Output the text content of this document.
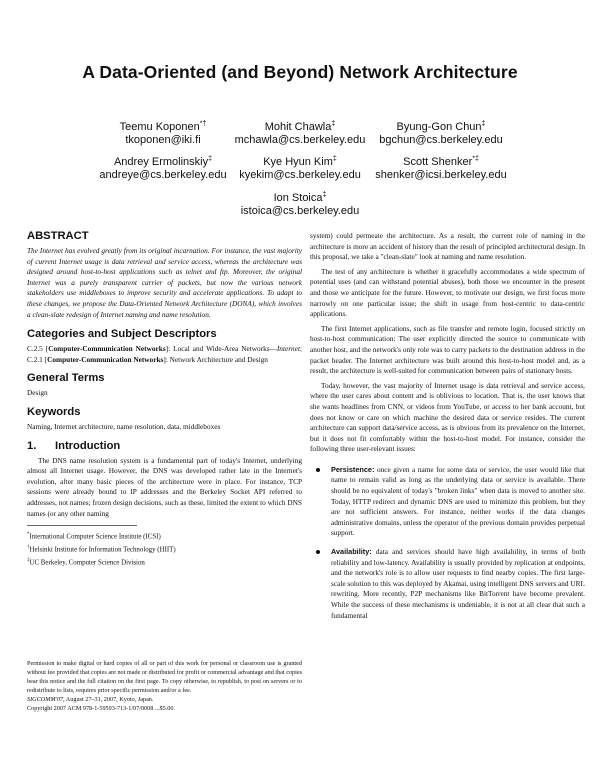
A Data-Oriented (and Beyond) Network Architecture
Teemu Koponen*†
tkoponen@iki.fi
Mohit Chawla‡
mchawla@cs.berkeley.edu
Byung-Gon Chun‡
bgchun@cs.berkeley.edu
Andrey Ermolinskiy‡
andreye@cs.berkeley.edu
Kye Hyun Kim‡
kyekim@cs.berkeley.edu
Scott Shenker*‡
shenker@icsi.berkeley.edu
Ion Stoica‡
istoica@cs.berkeley.edu
ABSTRACT

The Internet has evolved greatly from its original incarnation. For instance, the vast majority of current Internet usage is data retrieval and service access, whereas the architecture was designed around host-to-host applications such as telnet and ftp. Moreover, the original Internet was a purely transparent carrier of packets, but now the various network stakeholders use middleboxes to improve security and accelerate applications. To adapt to these changes, we propose the Data-Oriented Network Architecture (DONA), which involves a clean-slate redesign of Internet naming and name resolution.

Categories and Subject Descriptors

C.2.5 [Computer-Communication Networks]: Local and Wide-Area Networks—Internet; C.2.1 [Computer-Communication Networks]: Network Architecture and Design

General Terms

Design

Keywords

Naming, Internet architecture, name resolution, data, middleboxes

1.	Introduction

The DNS name resolution system is a fundamental part of today's Internet, underlying almost all Internet usage. However, the DNS was developed rather late in the Internet's evolution, after many basic pieces of the architecture were in place. For instance, TCP sessions were already bound to IP addresses and the Berkeley Socket API referred to addresses, not names; frozen design decisions, such as these, limited the extent to which DNS names (or any other naming

*International Computer Science Institute (ICSI)
†Helsinki Institute for Information Technology (HIIT)
‡UC Berkeley, Computer Science Division

Permission to make digital or hard copies of all or part of this work for personal or classroom use is granted without fee provided that copies are not made or distributed for profit or commercial advantage and that copies bear this notice and the full citation on the first page. To copy otherwise, to republish, to post on servers or to redistribute to lists, requires prior specific permission and/or a fee.

SIGCOMM'07, August 27–31, 2007, Kyoto, Japan.

Copyright 2007 ACM 978-1-59593-713-1/07/0008 ...$5.00.

system) could permeate the architecture. As a result, the current role of naming in the architecture is more an accident of history than the result of principled architectural design. In this proposal, we take a "clean-slate" look at naming and name resolution.

The test of any architecture is whether it gracefully accommodates a wide spectrum of potential uses (and can withstand potential abuses), both those we encounter in the present and those we anticipate for the future. However, to motivate our design, we first focus more narrowly on one particular issue; the shift in usage from host-centric to data-centric applications.

The first Internet applications, such as file transfer and remote login, focused strictly on host-to-host communication: The user explicitly directed the source to communicate with another host, and the network's only role was to carry packets to the destination address in the packet header. The Internet architecture was built around this host-to-host model and, as a result, the architecture is well-suited for communication between pairs of stationary hosts.

Today, however, the vast majority of Internet usage is data retrieval and service access, where the user cares about content and is oblivious to location. That is, the user knows that she wants headlines from CNN, or videos from YouTube, or access to her bank account, but does not know or care on which machine the desired data or service resides. The current architecture can support data/service access, as is obvious from its prevalence on the Internet, but it does not fit comfortably within the host-to-host model. For instance, consider the following three user-relevant issues:

Persistence: once given a name for some data or service, the user would like that name to remain valid as long as the underlying data or service is available. There should be no equivalent of today's "broken links" when data is moved to another site. Today, HTTP redirect and dynamic DNS are used to minimize this problem, but they are not sufficient answers. For instance, neither works if the data changes administrative domains, unless the operator of the previous domain provides perpetual support.

Availability: data and services should have high availability, in terms of both reliability and low-latency. Availability is usually provided by replication at endpoints, and the network's role is to allow user requests to find nearby copies. The first large-scale solution to this was deployed by Akamai, using intelligent DNS servers and URL rewriting. More recently, P2P mechanisms like BitTorrent have become prevalent. While the success of these mechanisms is undeniable, it is not at all clear that such a fundamental
